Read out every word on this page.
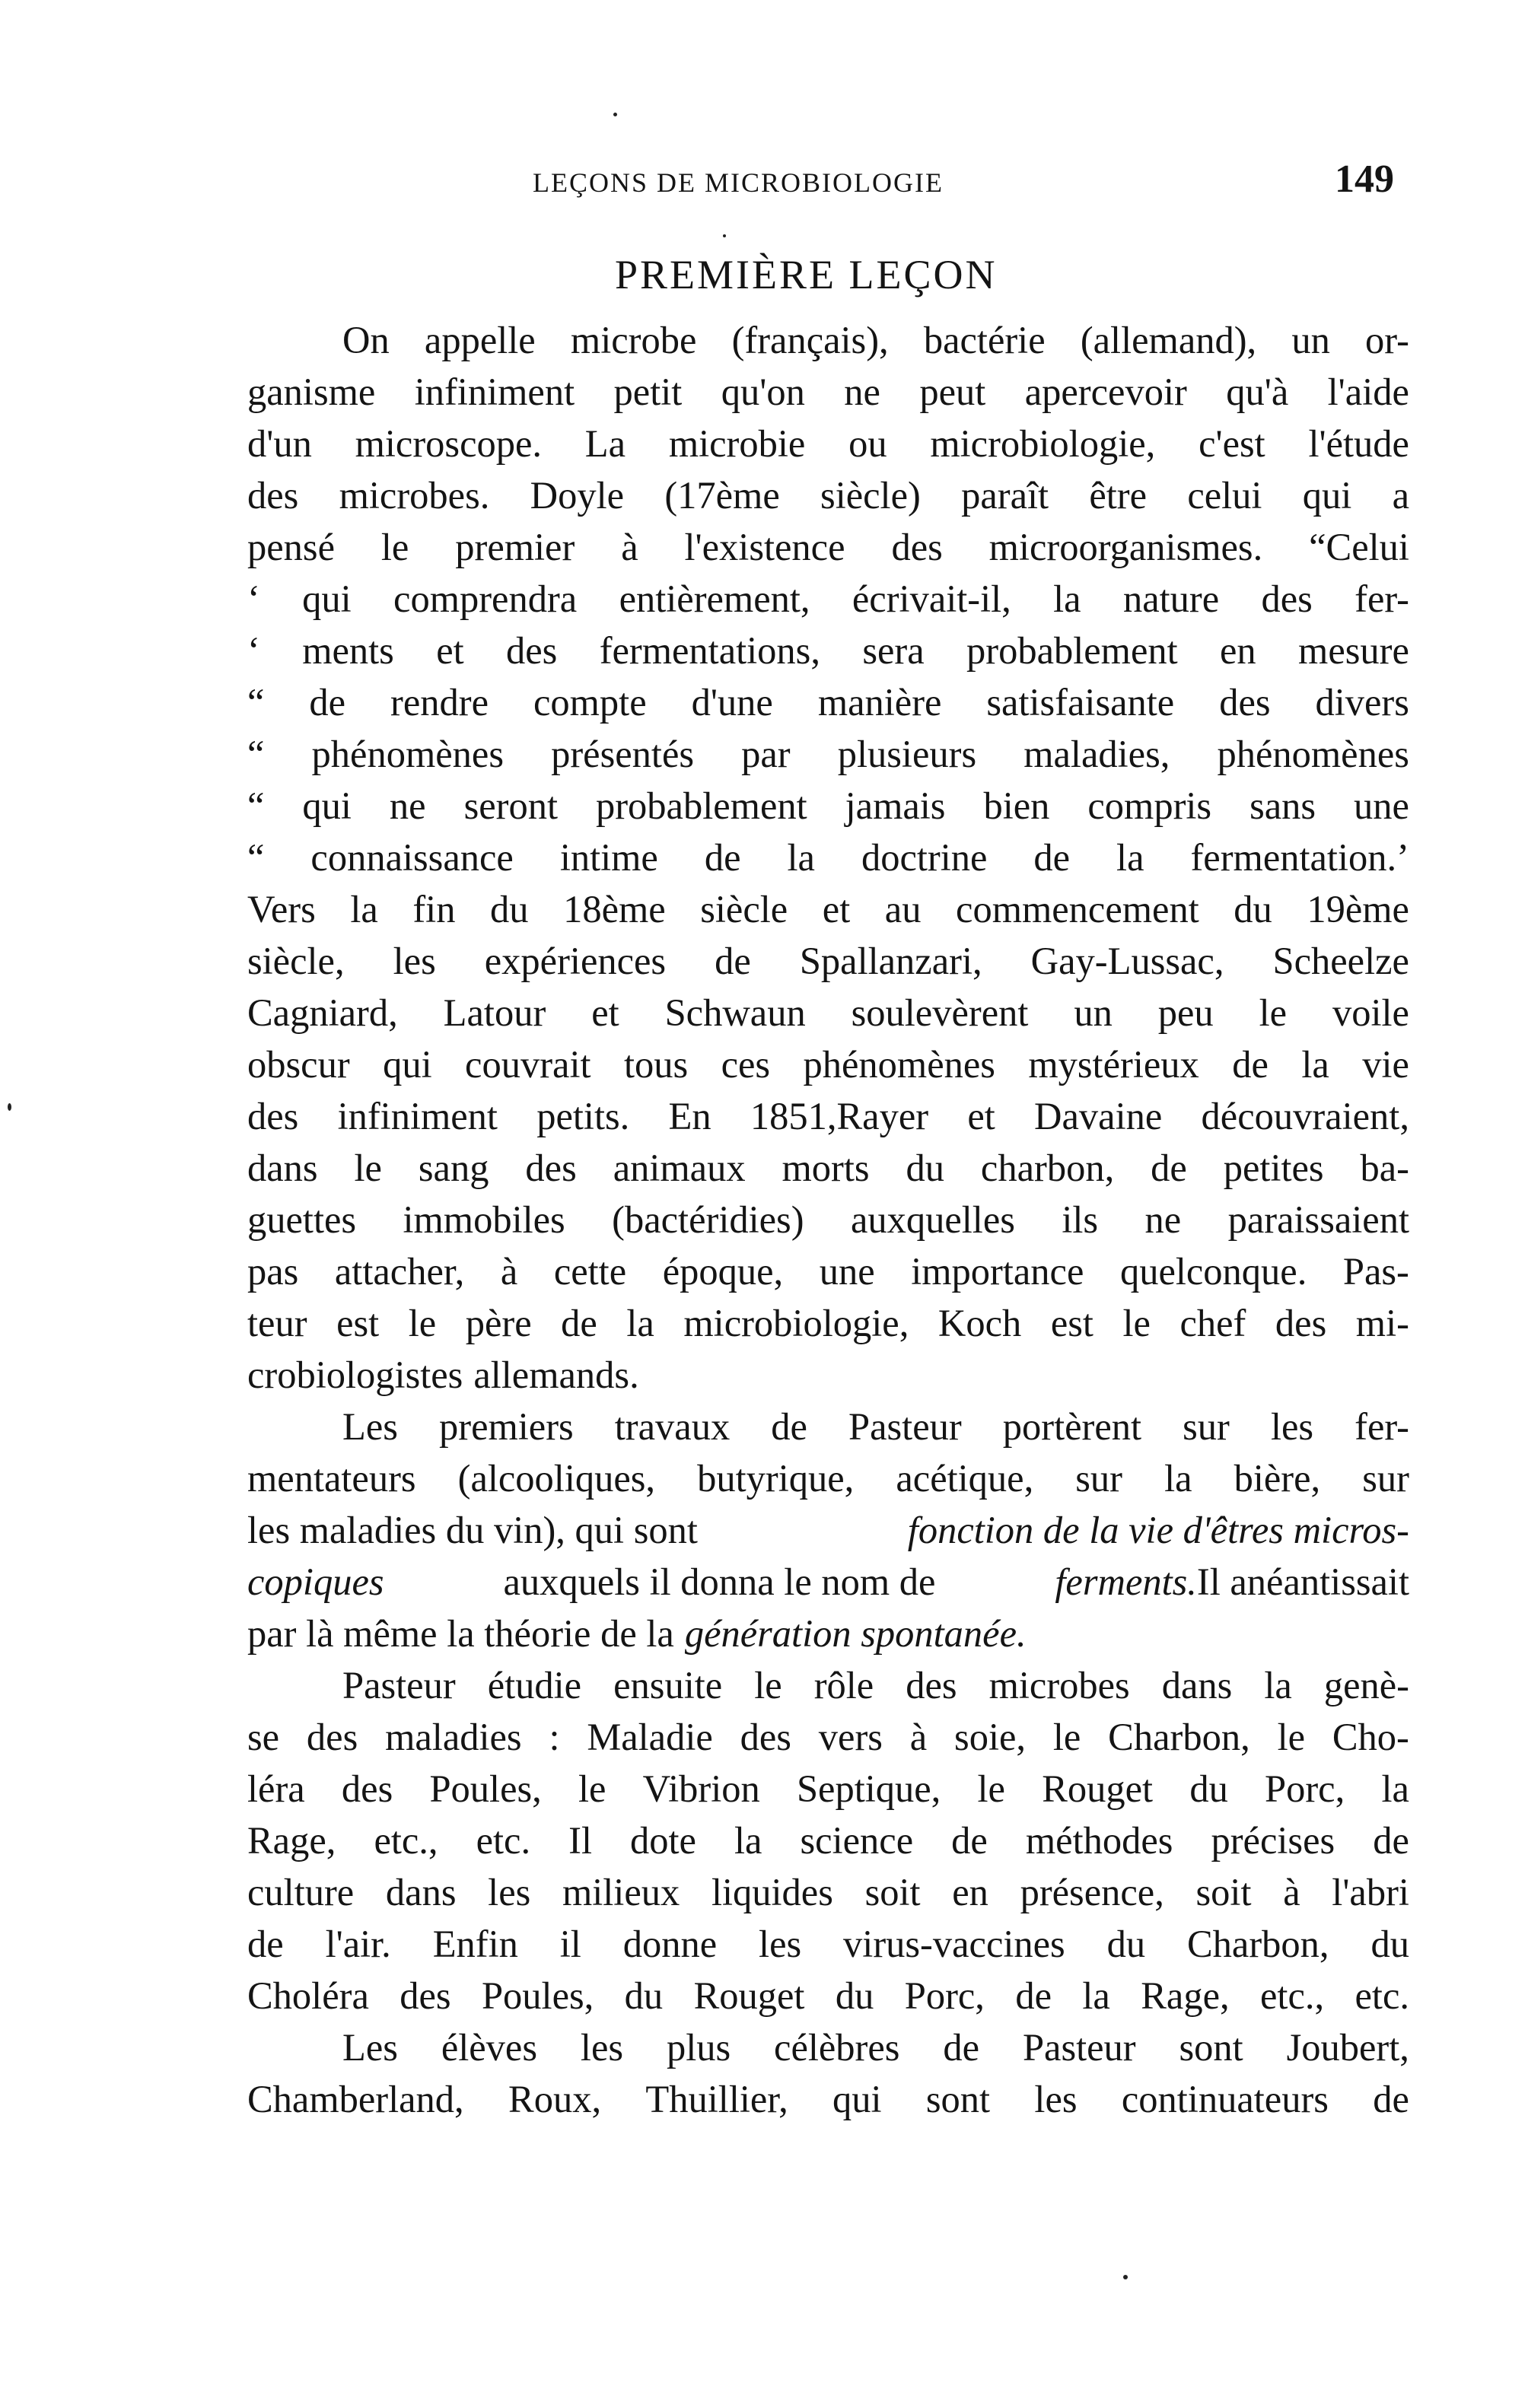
LEÇONS DE MICROBIOLOGIE	149
PREMIÈRE LEÇON
On appelle microbe (français), bactérie (allemand), un or-
ganisme infiniment petit qu'on ne peut apercevoir qu'à l'aide
d'un microscope. La microbie ou microbiologie, c'est l'étude
des microbes. Doyle (17ème siècle) paraît être celui qui a
pensé le premier à l'existence des microorganismes. “Celui
‘ qui comprendra entièrement, écrivait-il, la nature des fer-
‘ ments et des fermentations, sera probablement en mesure
“ de rendre compte d'une manière satisfaisante des divers
“ phénomènes présentés par plusieurs maladies, phénomènes
“ qui ne seront probablement jamais bien compris sans une
“ connaissance intime de la doctrine de la fermentation.’
Vers la fin du 18ème siècle et au commencement du 19ème
siècle, les expériences de Spallanzari, Gay-Lussac, Scheelze
Cagniard, Latour et Schwaun soulevèrent un peu le voile
obscur qui couvrait tous ces phénomènes mystérieux de la vie
des infiniment petits. En 1851,Rayer et Davaine découvraient,
dans le sang des animaux morts du charbon, de petites ba-
guettes immobiles (bactéridies) auxquelles ils ne paraissaient
pas attacher, à cette époque, une importance quelconque. Pas-
teur est le père de la microbiologie, Koch est le chef des mi-
crobiologistes allemands.
Les premiers travaux de Pasteur portèrent sur les fer-
mentateurs (alcooliques, butyrique, acétique, sur la bière, sur
les maladies du vin), qui sont	fonction de la vie d'êtres micros-
copiques	auxquels il donna le nom de	ferments.Il anéantissait
par là même la théorie de la génération spontanée.
Pasteur étudie ensuite le rôle des microbes dans la genè-
se des maladies : Maladie des vers à soie, le Charbon, le Cho-
léra des Poules, le Vibrion Septique, le Rouget du Porc, la
Rage, etc., etc. Il dote la science de méthodes précises de
culture dans les milieux liquides soit en présence, soit à l'abri
de l'air. Enfin il donne les virus-vaccines du Charbon, du
Choléra des Poules, du Rouget du Porc, de la Rage, etc., etc.
Les élèves les plus célèbres de Pasteur sont Joubert,
Chamberland, Roux, Thuillier, qui sont les continuateurs de
